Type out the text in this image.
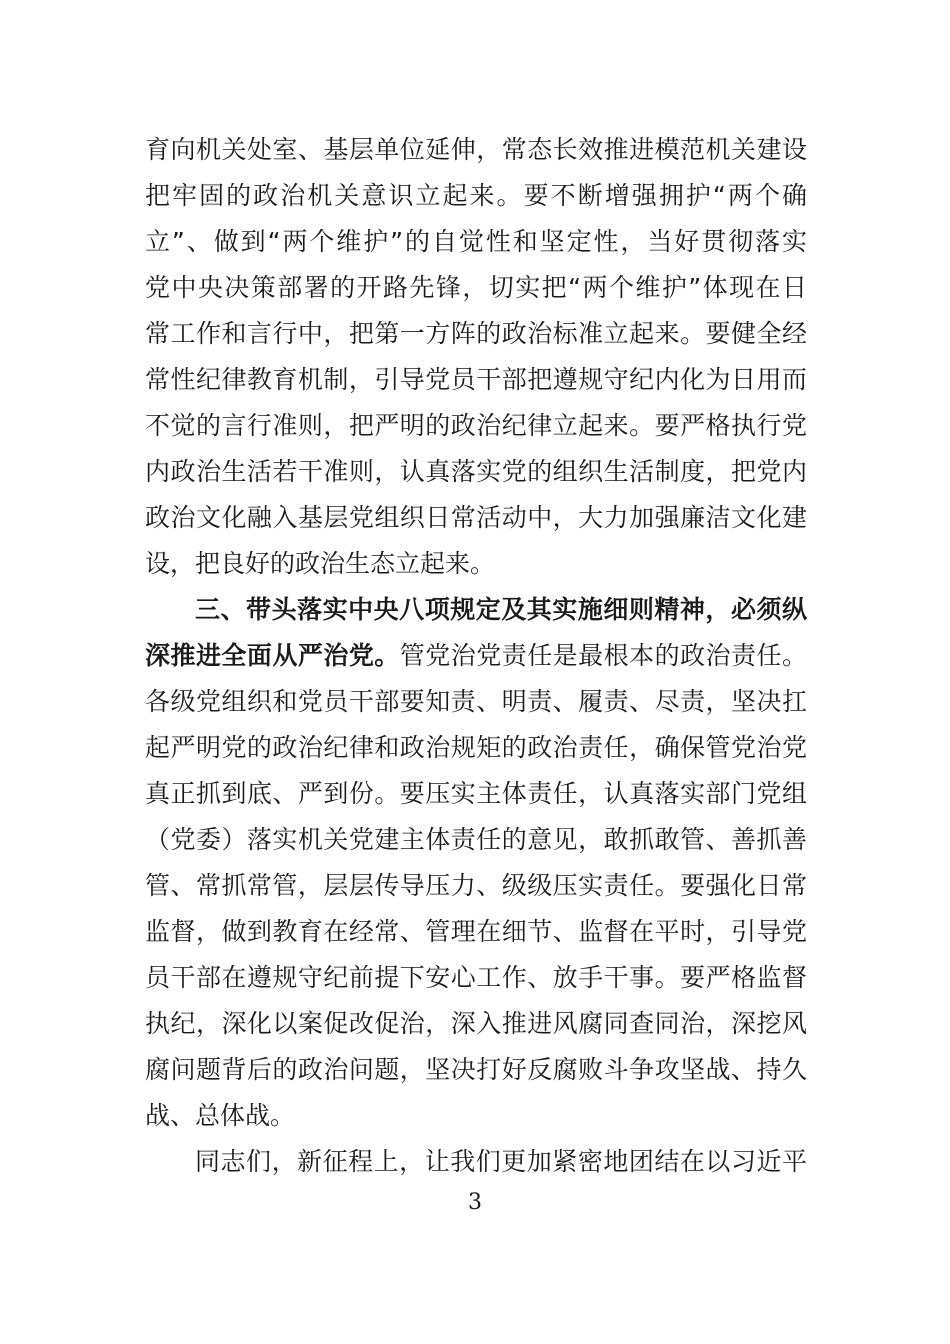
育向机关处室、基层单位延伸，常态长效推进模范机关建设
把牢固的政治机关意识立起来。要不断增强拥护“两个确
立”、做到“两个维护”的自觉性和坚定性，当好贯彻落实
党中央决策部署的开路先锋，切实把“两个维护”体现在日
常工作和言行中，把第一方阵的政治标准立起来。要健全经
常性纪律教育机制，引导党员干部把遵规守纪内化为日用而
不觉的言行准则，把严明的政治纪律立起来。要严格执行党
内政治生活若干准则，认真落实党的组织生活制度，把党内
政治文化融入基层党组织日常活动中，大力加强廉洁文化建
设，把良好的政治生态立起来。
三、带头落实中央八项规定及其实施细则精神，必须纵
深推进全面从严治党。管党治党责任是最根本的政治责任。
各级党组织和党员干部要知责、明责、履责、尽责，坚决扛
起严明党的政治纪律和政治规矩的政治责任，确保管党治党
真正抓到底、严到份。要压实主体责任，认真落实部门党组
（党委）落实机关党建主体责任的意见，敢抓敢管、善抓善
管、常抓常管，层层传导压力、级级压实责任。要强化日常
监督，做到教育在经常、管理在细节、监督在平时，引导党
员干部在遵规守纪前提下安心工作、放手干事。要严格监督
执纪，深化以案促改促治，深入推进风腐同查同治，深挖风
腐问题背后的政治问题，坚决打好反腐败斗争攻坚战、持久
战、总体战。
同志们，新征程上，让我们更加紧密地团结在以习近平
3
